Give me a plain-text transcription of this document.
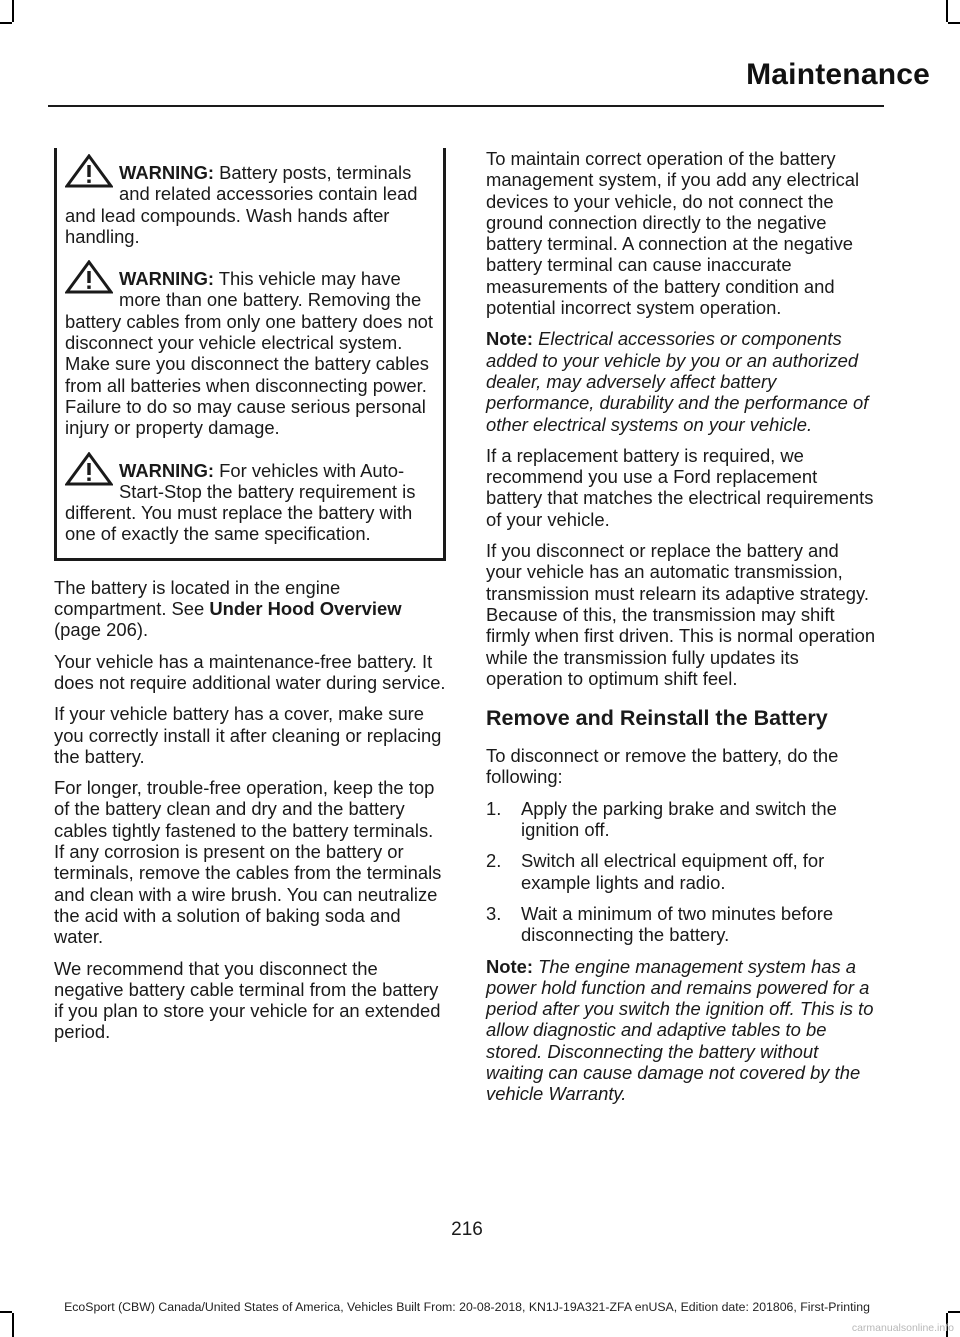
Maintenance

WARNING: Battery posts, terminals and related accessories contain lead and lead compounds. Wash hands after handling.

WARNING: This vehicle may have more than one battery. Removing the battery cables from only one battery does not disconnect your vehicle electrical system. Make sure you disconnect the battery cables from all batteries when disconnecting power. Failure to do so may cause serious personal injury or property damage.

WARNING: For vehicles with Auto-Start-Stop the battery requirement is different. You must replace the battery with one of exactly the same specification.

The battery is located in the engine compartment. See Under Hood Overview (page 206).

Your vehicle has a maintenance-free battery. It does not require additional water during service.

If your vehicle battery has a cover, make sure you correctly install it after cleaning or replacing the battery.

For longer, trouble-free operation, keep the top of the battery clean and dry and the battery cables tightly fastened to the battery terminals. If any corrosion is present on the battery or terminals, remove the cables from the terminals and clean with a wire brush. You can neutralize the acid with a solution of baking soda and water.

We recommend that you disconnect the negative battery cable terminal from the battery if you plan to store your vehicle for an extended period.

To maintain correct operation of the battery management system, if you add any electrical devices to your vehicle, do not connect the ground connection directly to the negative battery terminal. A connection at the negative battery terminal can cause inaccurate measurements of the battery condition and potential incorrect system operation.

Note: Electrical accessories or components added to your vehicle by you or an authorized dealer, may adversely affect battery performance, durability and the performance of other electrical systems on your vehicle.

If a replacement battery is required, we recommend you use a Ford replacement battery that matches the electrical requirements of your vehicle.

If you disconnect or replace the battery and your vehicle has an automatic transmission, transmission must relearn its adaptive strategy. Because of this, the transmission may shift firmly when first driven. This is normal operation while the transmission fully updates its operation to optimum shift feel.

Remove and Reinstall the Battery

To disconnect or remove the battery, do the following:

1. Apply the parking brake and switch the ignition off.
2. Switch all electrical equipment off, for example lights and radio.
3. Wait a minimum of two minutes before disconnecting the battery.

Note: The engine management system has a power hold function and remains powered for a period after you switch the ignition off. This is to allow diagnostic and adaptive tables to be stored. Disconnecting the battery without waiting can cause damage not covered by the vehicle Warranty.

216
EcoSport (CBW) Canada/United States of America, Vehicles Built From: 20-08-2018, KN1J-19A321-ZFA enUSA, Edition date: 201806, First-Printing
carmanualsonline.info
